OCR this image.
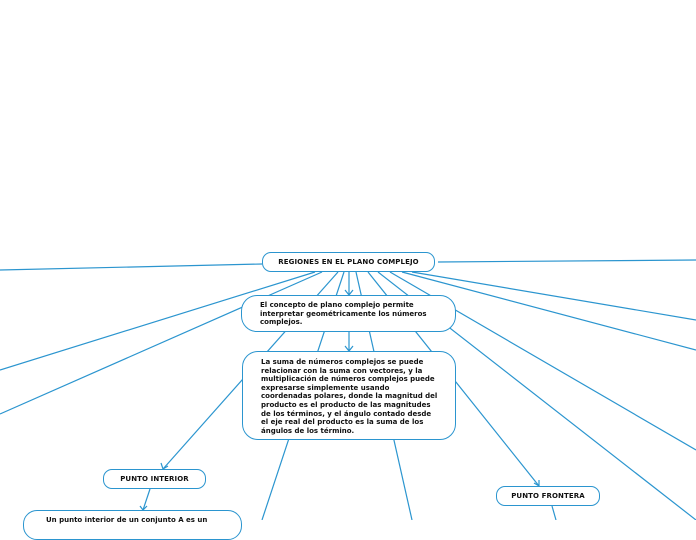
REGIONES EN EL PLANO COMPLEJO
El concepto de plano complejo permite
interpretar geométricamente los números
complejos.
La suma de números complejos se puede
relacionar con la suma con vectores, y la
multiplicación de números complejos puede
expresarse simplemente usando
coordenadas polares, donde la magnitud del
producto es el producto de las magnitudes
de los términos, y el ángulo contado desde
el eje real del producto es la suma de los
ángulos de los término.
PUNTO INTERIOR
PUNTO FRONTERA
Un punto interior de un conjunto A es un
